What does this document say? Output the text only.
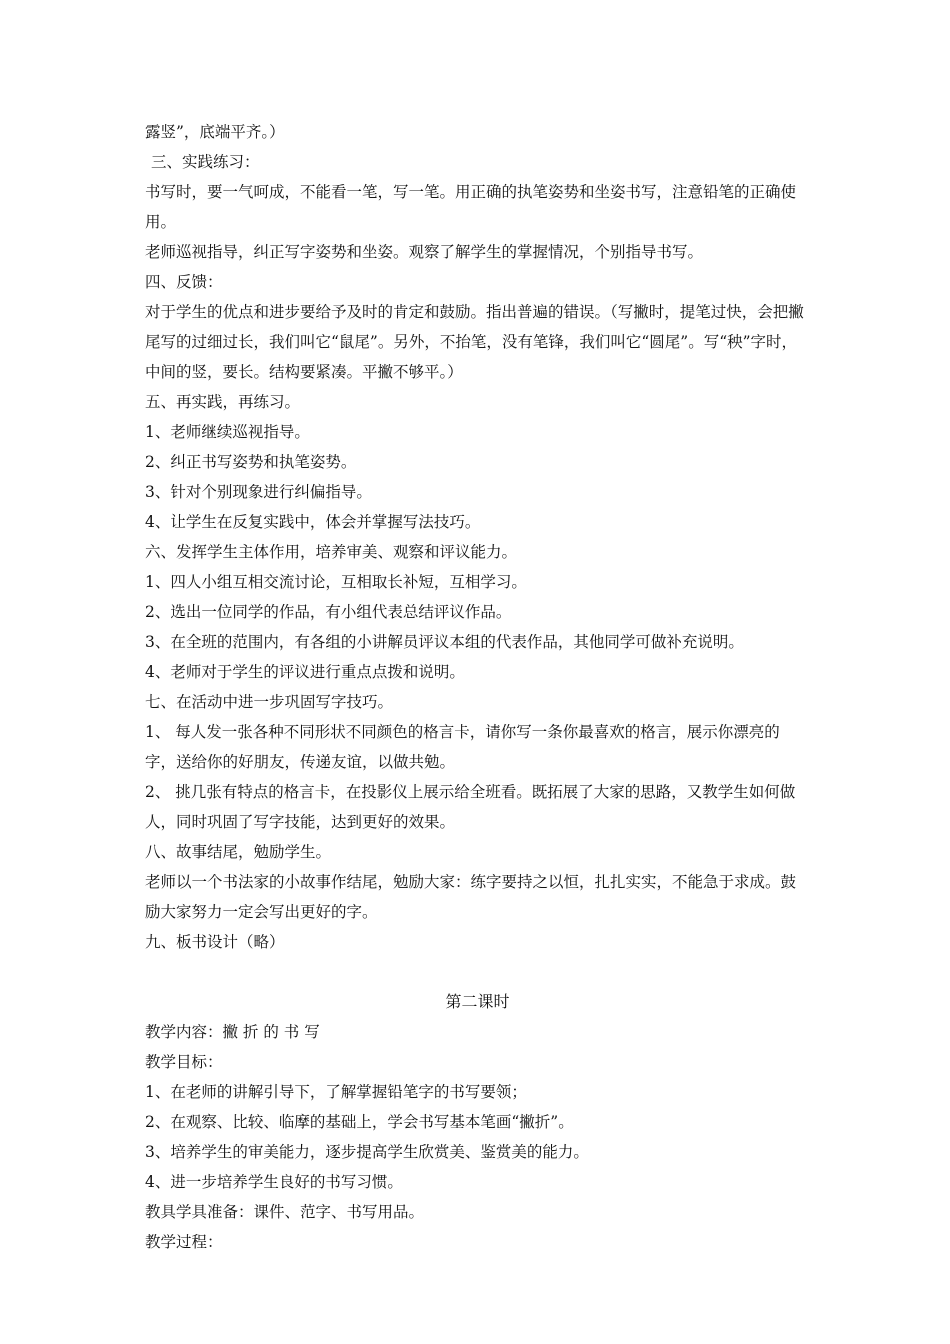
露竖”，底端平齐。）
三、实践练习：
书写时，要一气呵成，不能看一笔，写一笔。用正确的执笔姿势和坐姿书写，注意铅笔的正确使用。
老师巡视指导，纠正写字姿势和坐姿。观察了解学生的掌握情况，个别指导书写。
四、反馈：
对于学生的优点和进步要给予及时的肯定和鼓励。指出普遍的错误。（写撇时，提笔过快，会把撇尾写的过细过长，我们叫它“鼠尾”。另外，不抬笔，没有笔锋，我们叫它“圆尾”。写“秧”字时，中间的竖，要长。结构要紧凑。平撇不够平。）
五、再实践，再练习。
1、老师继续巡视指导。
2、纠正书写姿势和执笔姿势。
3、针对个别现象进行纠偏指导。
4、让学生在反复实践中，体会并掌握写法技巧。
六、发挥学生主体作用，培养审美、观察和评议能力。
1、四人小组互相交流讨论，互相取长补短，互相学习。
2、选出一位同学的作品，有小组代表总结评议作品。
3、在全班的范围内，有各组的小讲解员评议本组的代表作品，其他同学可做补充说明。
4、老师对于学生的评议进行重点点拨和说明。
七、在活动中进一步巩固写字技巧。
1、 每人发一张各种不同形状不同颜色的格言卡，请你写一条你最喜欢的格言，展示你漂亮的字，送给你的好朋友，传递友谊，以做共勉。
2、 挑几张有特点的格言卡，在投影仪上展示给全班看。既拓展了大家的思路，又教学生如何做人，同时巩固了写字技能，达到更好的效果。
八、故事结尾，勉励学生。
老师以一个书法家的小故事作结尾，勉励大家：练字要持之以恒，扎扎实实，不能急于求成。鼓励大家努力一定会写出更好的字。
九、板书设计（略）
第二课时
教学内容：撇 折 的 书 写
教学目标：
1、在老师的讲解引导下，了解掌握铅笔字的书写要领；
2、在观察、比较、临摩的基础上，学会书写基本笔画“撇折”。
3、培养学生的审美能力，逐步提高学生欣赏美、鉴赏美的能力。
4、进一步培养学生良好的书写习惯。
教具学具准备：课件、范字、书写用品。
教学过程：
